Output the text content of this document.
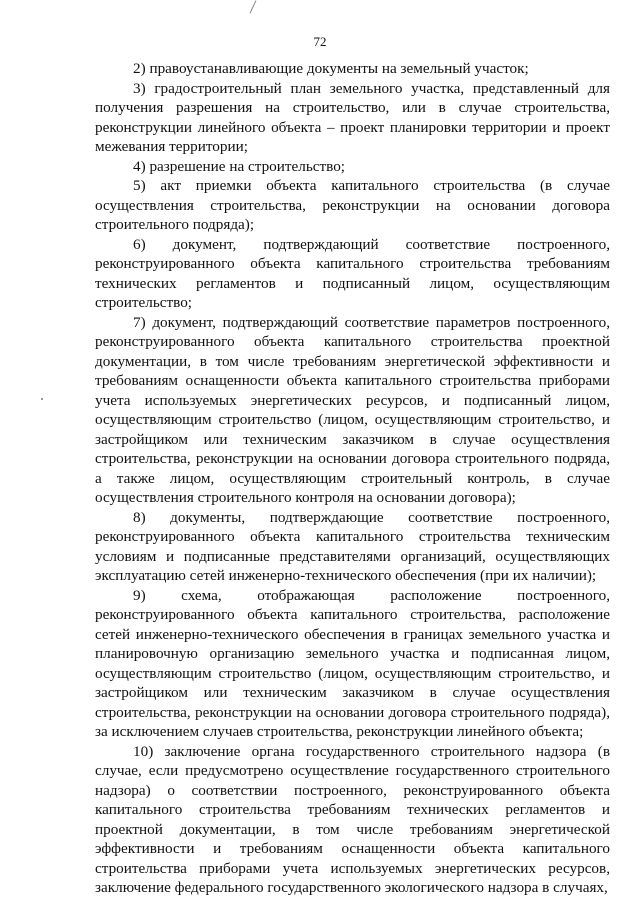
72

2) правоустанавливающие документы на земельный участок;

3) градостроительный план земельного участка, представленный для получения разрешения на строительство, или в случае строительства, реконструкции линейного объекта – проект планировки территории и проект межевания территории;

4) разрешение на строительство;

5) акт приемки объекта капитального строительства (в случае осуществления строительства, реконструкции на основании договора строительного подряда);

6) документ, подтверждающий соответствие построенного, реконструированного объекта капитального строительства требованиям технических регламентов и подписанный лицом, осуществляющим строительство;

7) документ, подтверждающий соответствие параметров построенного, реконструированного объекта капитального строительства проектной документации, в том числе требованиям энергетической эффективности и требованиям оснащенности объекта капитального строительства приборами учета используемых энергетических ресурсов, и подписанный лицом, осуществляющим строительство (лицом, осуществляющим строительство, и застройщиком или техническим заказчиком в случае осуществления строительства, реконструкции на основании договора строительного подряда, а также лицом, осуществляющим строительный контроль, в случае осуществления строительного контроля на основании договора);

8) документы, подтверждающие соответствие построенного, реконструированного объекта капитального строительства техническим условиям и подписанные представителями организаций, осуществляющих эксплуатацию сетей инженерно-технического обеспечения (при их наличии);

9) схема, отображающая расположение построенного, реконструированного объекта капитального строительства, расположение сетей инженерно-технического обеспечения в границах земельного участка и планировочную организацию земельного участка и подписанная лицом, осуществляющим строительство (лицом, осуществляющим строительство, и застройщиком или техническим заказчиком в случае осуществления строительства, реконструкции на основании договора строительного подряда), за исключением случаев строительства, реконструкции линейного объекта;

10) заключение органа государственного строительного надзора (в случае, если предусмотрено осуществление государственного строительного надзора) о соответствии построенного, реконструированного объекта капитального строительства требованиям технических регламентов и проектной документации, в том числе требованиям энергетической эффективности и требованиям оснащенности объекта капитального строительства приборами учета используемых энергетических ресурсов, заключение федерального государственного экологического надзора в случаях,
